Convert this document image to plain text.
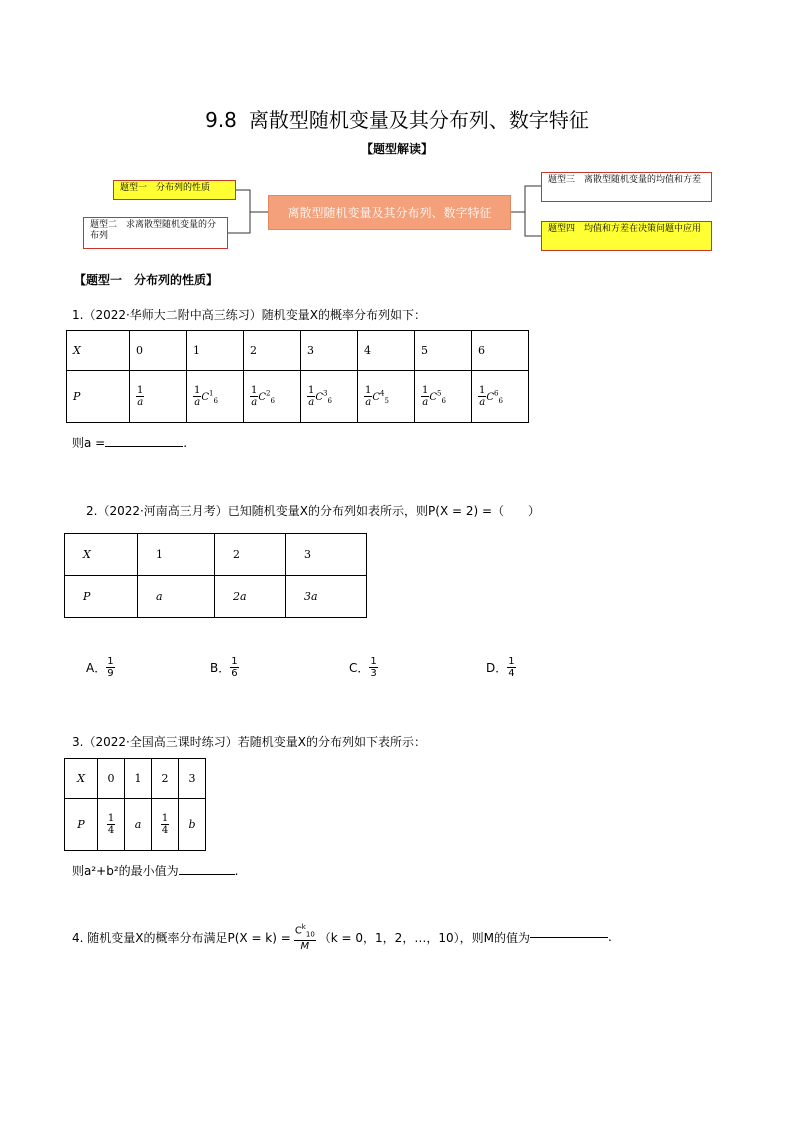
9.8 离散型随机变量及其分布列、数字特征
【题型解读】
题型一　分布列的性质
题型二　求离散型随机变量的分布列
离散型随机变量及其分布列、数字特征
题型三　离散型随机变量的均值和方差
题型四　均值和方差在决策问题中应用
【题型一　分布列的性质】
1.（2022·华师大二附中高三练习）随机变量X的概率分布列如下：
X	0	1	2	3	4	5	6
P	$\frac{1}{a}$	$\frac{1}{a} C^1_6$	$\frac{1}{a} C^2_6$	$\frac{1}{a} C^3_6$	$\frac{1}{a} C^4_5$	$\frac{1}{a} C^5_6$	$\frac{1}{a} C^6_6$
则a =	.
2.（2022·河南高三月考）已知随机变量X的分布列如表所示，则P(X = 2) =（　　）
X	1	2	3
P	a	2a	3a
A． $\frac{1}{9}$	B． $\frac{1}{6}$	C． $\frac{1}{3}$	D． $\frac{1}{4}$
3.（2022·全国高三课时练习）若随机变量X的分布列如下表所示：
X	0	1	2	3
P	$\frac{1}{4}$	a	$\frac{1}{4}$	b
则a²+b²的最小值为	.
4. 随机变量X的概率分布满足$P(X = k) = \frac{C^k_{10}}{M} (k = 0$，1，2，…，10），则M的值为	.
